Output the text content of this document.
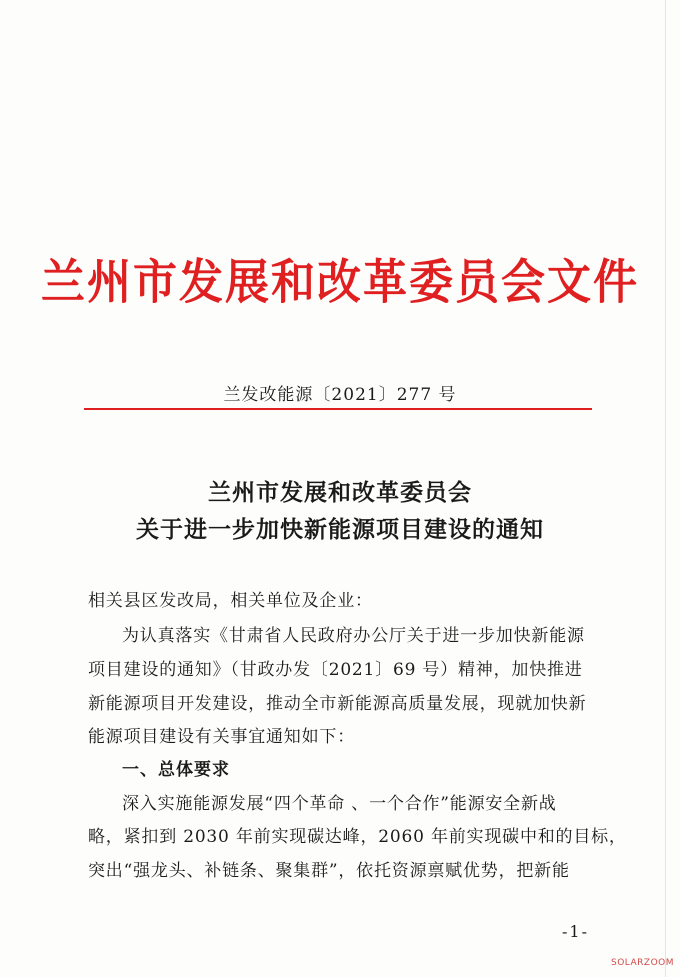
兰州市发展和改革委员会文件
兰发改能源〔2021〕277 号
兰州市发展和改革委员会
关于进一步加快新能源项目建设的通知
相关县区发改局，相关单位及企业：
为认真落实《甘肃省人民政府办公厅关于进一步加快新能源
项目建设的通知》（甘政办发〔2021〕69 号）精神，加快推进
新能源项目开发建设，推动全市新能源高质量发展，现就加快新
能源项目建设有关事宜通知如下：
一、总体要求
深入实施能源发展“四个革命 、一个合作”能源安全新战
略，紧扣到 2030 年前实现碳达峰，2060 年前实现碳中和的目标，
突出“强龙头、补链条、聚集群”，依托资源禀赋优势，把新能
-1-
SOLARZOOM
